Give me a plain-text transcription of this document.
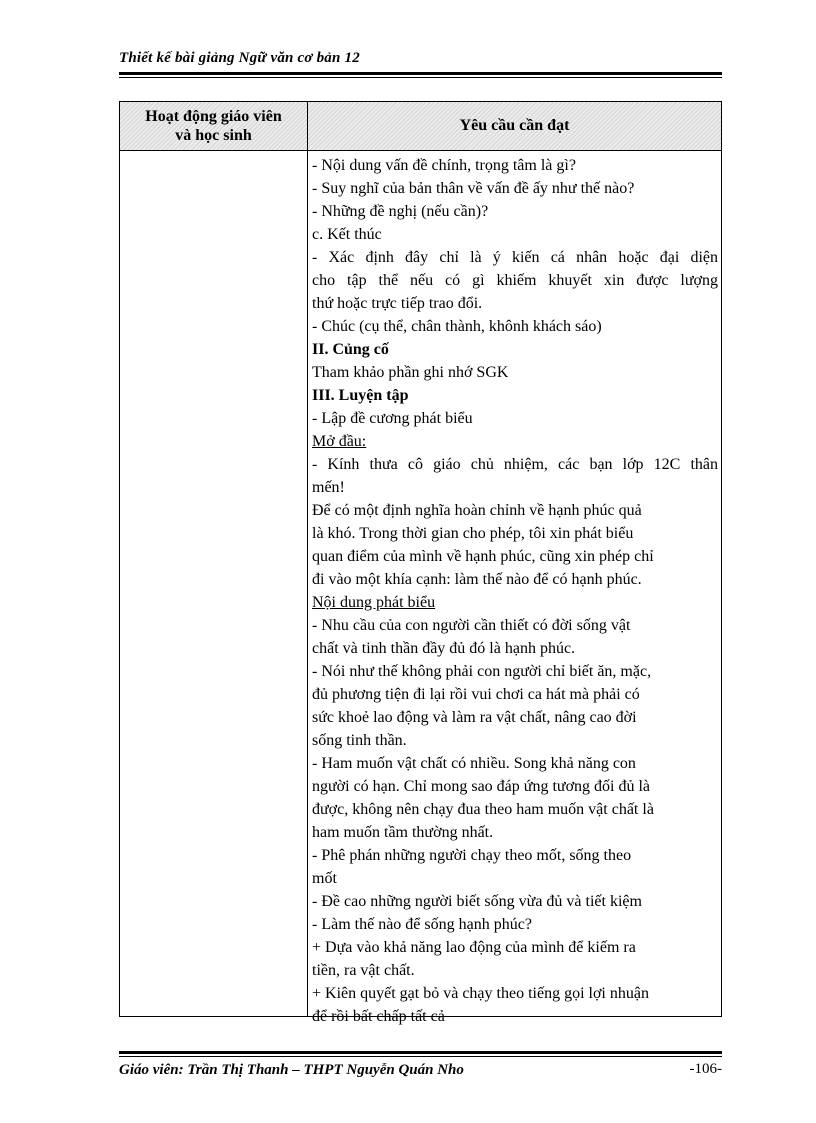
Thiết kế bài giảng Ngữ văn cơ bản 12
Hoạt động giáo viên
và học sinh
Yêu cầu cần đạt
- Nội dung vấn đề chính, trọng tâm là gì?
- Suy nghĩ của bản thân về vấn đề ấy như thế nào?
- Những đề nghị (nếu cần)?
c. Kết thúc
- Xác định đây chỉ là ý kiến cá nhân hoặc đại diện
cho tập thể nếu có gì khiếm khuyết xin được lượng
thứ hoặc trực tiếp trao đổi.
- Chúc (cụ thể, chân thành, khônh khách sáo)
II. Củng cố
Tham khảo phần ghi nhớ SGK
III. Luyện tập
- Lập đề cương phát biểu
Mở đầu:
- Kính thưa cô giáo chủ nhiệm, các bạn lớp 12C thân
mến!
Để có một định nghĩa hoàn chỉnh về hạnh phúc quả
là khó. Trong thời gian cho phép, tôi xin phát biểu
quan điểm của mình về hạnh phúc, cũng xin phép chỉ
đi vào một khía cạnh: làm thế nào để có hạnh phúc.
Nội dung phát biểu
- Nhu cầu của con người cần thiết có đời sống vật
chất và tinh thần đầy đủ đó là hạnh phúc.
- Nói như thế không phải con người chỉ biết ăn, mặc,
đủ phương tiện đi lại rồi vui chơi ca hát mà phải có
sức khoẻ lao động và làm ra vật chất, nâng cao đời
sống tinh thần.
- Ham muốn vật chất có nhiều. Song khả năng con
người có hạn. Chỉ mong sao đáp ứng tương đối đủ là
được, không nên chạy đua theo ham muốn vật chất là
ham muốn tầm thường nhất.
- Phê phán những người chạy theo mốt, sống theo
mốt
- Đề cao những người biết sống vừa đủ và tiết kiệm
- Làm thế nào để sống hạnh phúc?
+ Dựa vào khả năng lao động của mình để kiếm ra
tiền, ra vật chất.
+ Kiên quyết gạt bỏ và chạy theo tiếng gọi lợi nhuận
để rồi bất chấp tất cả
Giáo viên: Trần Thị Thanh – THPT Nguyễn Quán Nho	-106-
